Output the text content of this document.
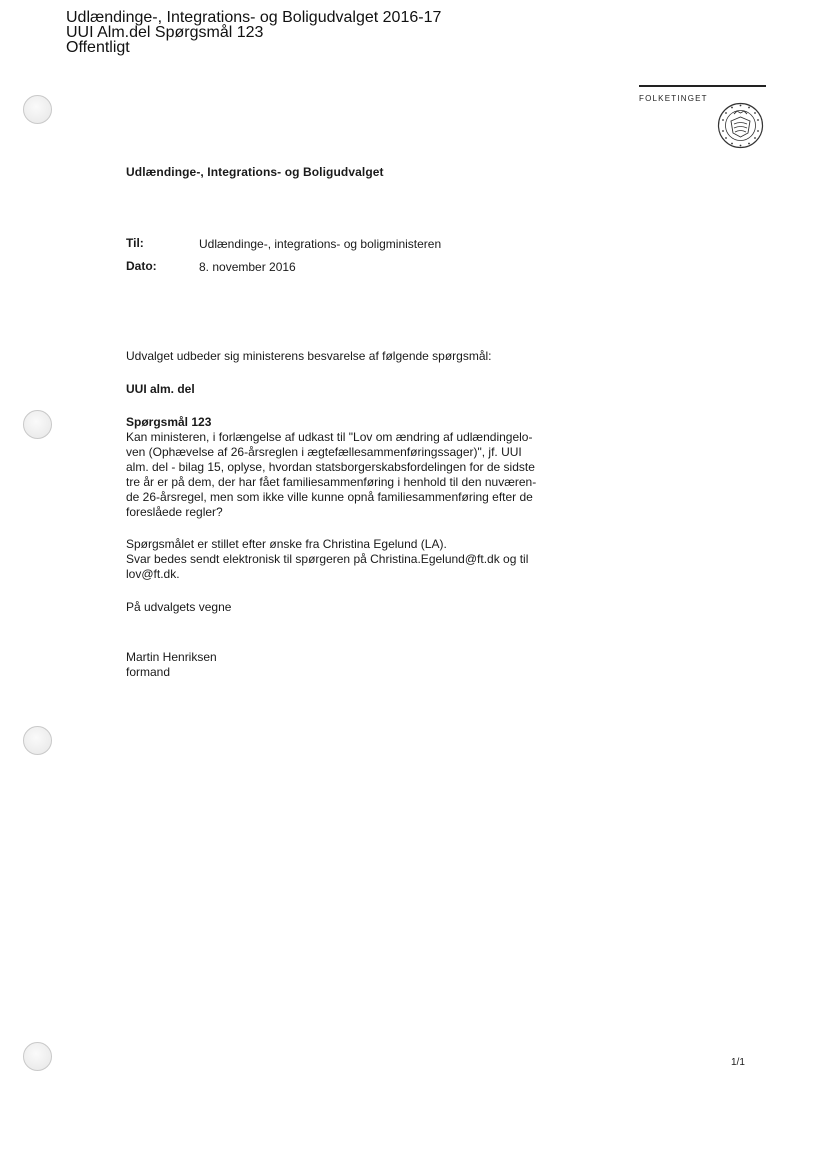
Udlændinge-, Integrations- og Boligudvalget 2016-17
UUI Alm.del Spørgsmål 123
Offentligt
FOLKETINGET
Udlændinge-, Integrations- og Boligudvalget
Til:	Udlændinge-, integrations- og boligministeren
Dato:	8. november 2016
Udvalget udbeder sig ministerens besvarelse af følgende spørgsmål:
UUI alm. del
Spørgsmål 123
Kan ministeren, i forlængelse af udkast til "Lov om ændring af udlændingelo-
ven (Ophævelse af 26-årsreglen i ægtefællesammenføringssager)", jf. UUI
alm. del - bilag 15, oplyse, hvordan statsborgerskabsfordelingen for de sidste
tre år er på dem, der har fået familiesammenføring i henhold til den nuværen-
de 26-årsregel, men som ikke ville kunne opnå familiesammenføring efter de
foreslåede regler?
Spørgsmålet er stillet efter ønske fra Christina Egelund (LA).
Svar bedes sendt elektronisk til spørgeren på Christina.Egelund@ft.dk og til
lov@ft.dk.
På udvalgets vegne
Martin Henriksen
formand
1/1
